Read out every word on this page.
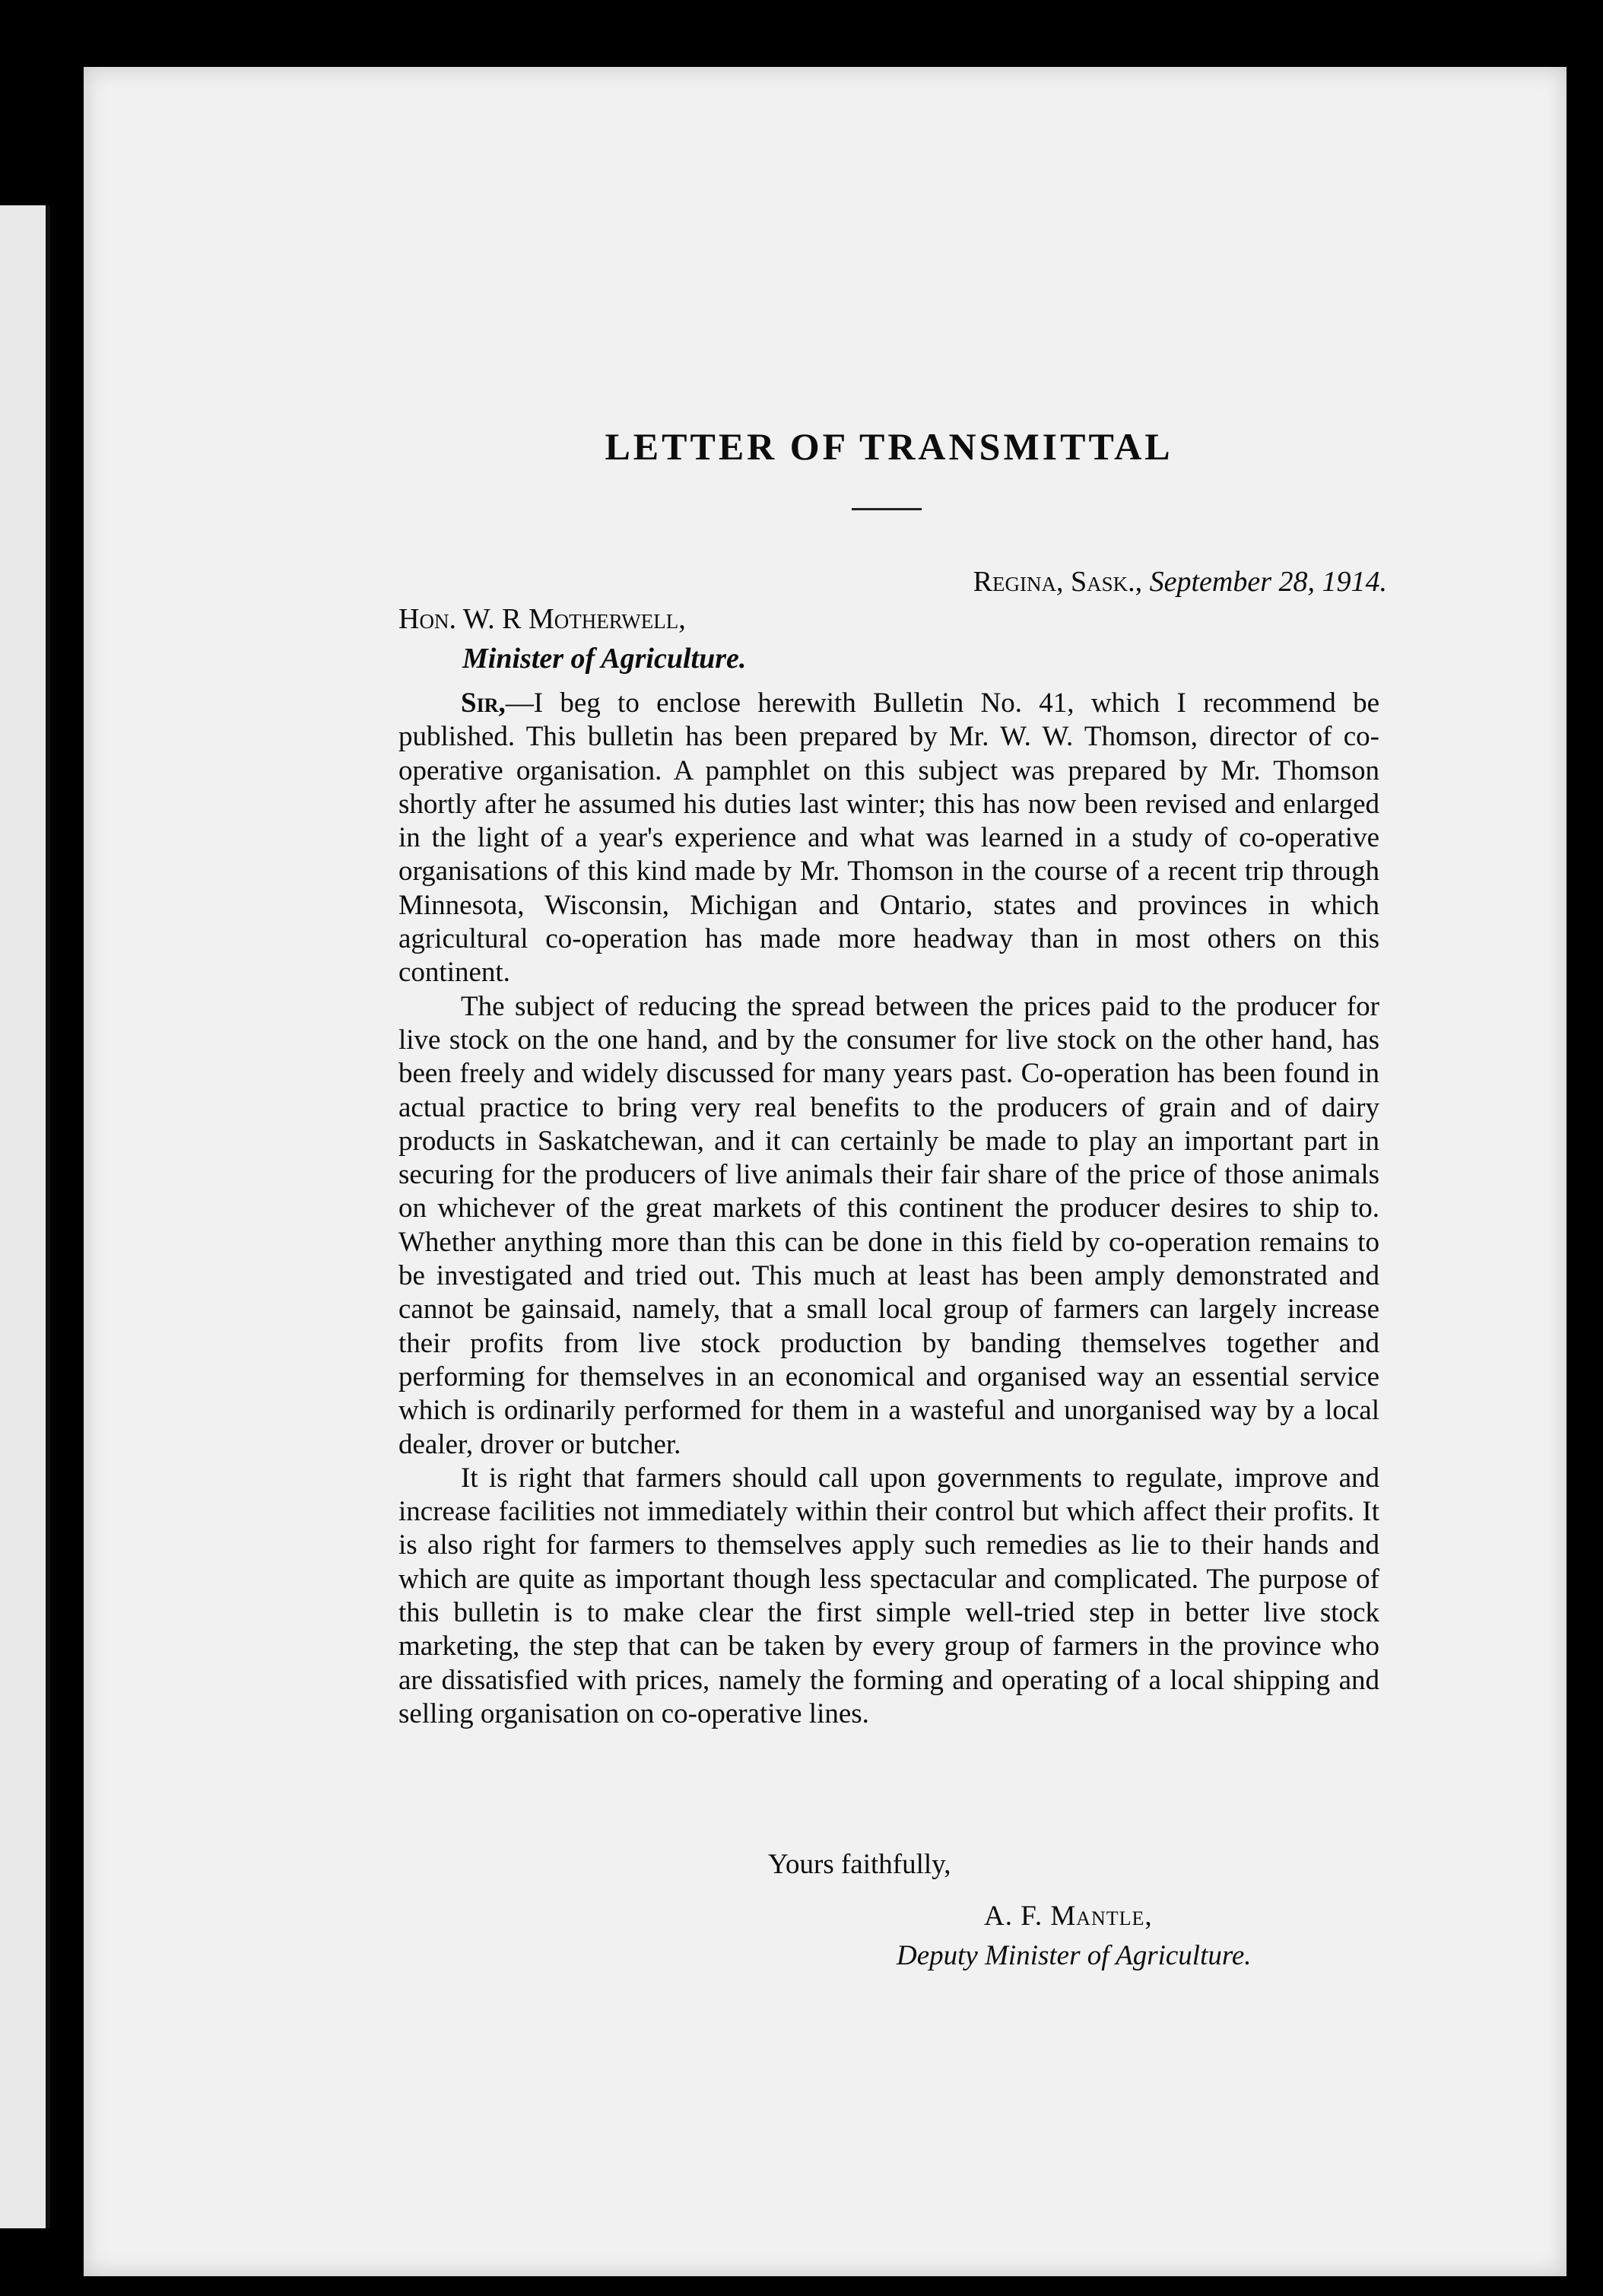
LETTER OF TRANSMITTAL

Regina, Sask., September 28, 1914.

Hon. W. R Motherwell,
Minister of Agriculture.

Sir,—I beg to enclose herewith Bulletin No. 41, which I recommend be published. This bulletin has been prepared by Mr. W. W. Thomson, director of co-operative organisation. A pamphlet on this subject was prepared by Mr. Thomson shortly after he assumed his duties last winter; this has now been revised and enlarged in the light of a year's experience and what was learned in a study of co-operative organisations of this kind made by Mr. Thomson in the course of a recent trip through Minnesota, Wisconsin, Michigan and Ontario, states and provinces in which agricultural co-operation has made more headway than in most others on this continent.

The subject of reducing the spread between the prices paid to the producer for live stock on the one hand, and by the consumer for live stock on the other hand, has been freely and widely discussed for many years past. Co-operation has been found in actual practice to bring very real benefits to the producers of grain and of dairy products in Saskatchewan, and it can certainly be made to play an important part in securing for the producers of live animals their fair share of the price of those animals on whichever of the great markets of this continent the producer desires to ship to. Whether anything more than this can be done in this field by co-operation remains to be investigated and tried out. This much at least has been amply demonstrated and cannot be gainsaid, namely, that a small local group of farmers can largely increase their profits from live stock production by banding themselves together and performing for themselves in an economical and organised way an essential service which is ordinarily performed for them in a wasteful and unorganised way by a local dealer, drover or butcher.

It is right that farmers should call upon governments to regulate, improve and increase facilities not immediately within their control but which affect their profits. It is also right for farmers to themselves apply such remedies as lie to their hands and which are quite as important though less spectacular and complicated. The purpose of this bulletin is to make clear the first simple well-tried step in better live stock marketing, the step that can be taken by every group of farmers in the province who are dissatisfied with prices, namely the forming and operating of a local shipping and selling organisation on co-operative lines.

Yours faithfully,

A. F. Mantle,

Deputy Minister of Agriculture.
